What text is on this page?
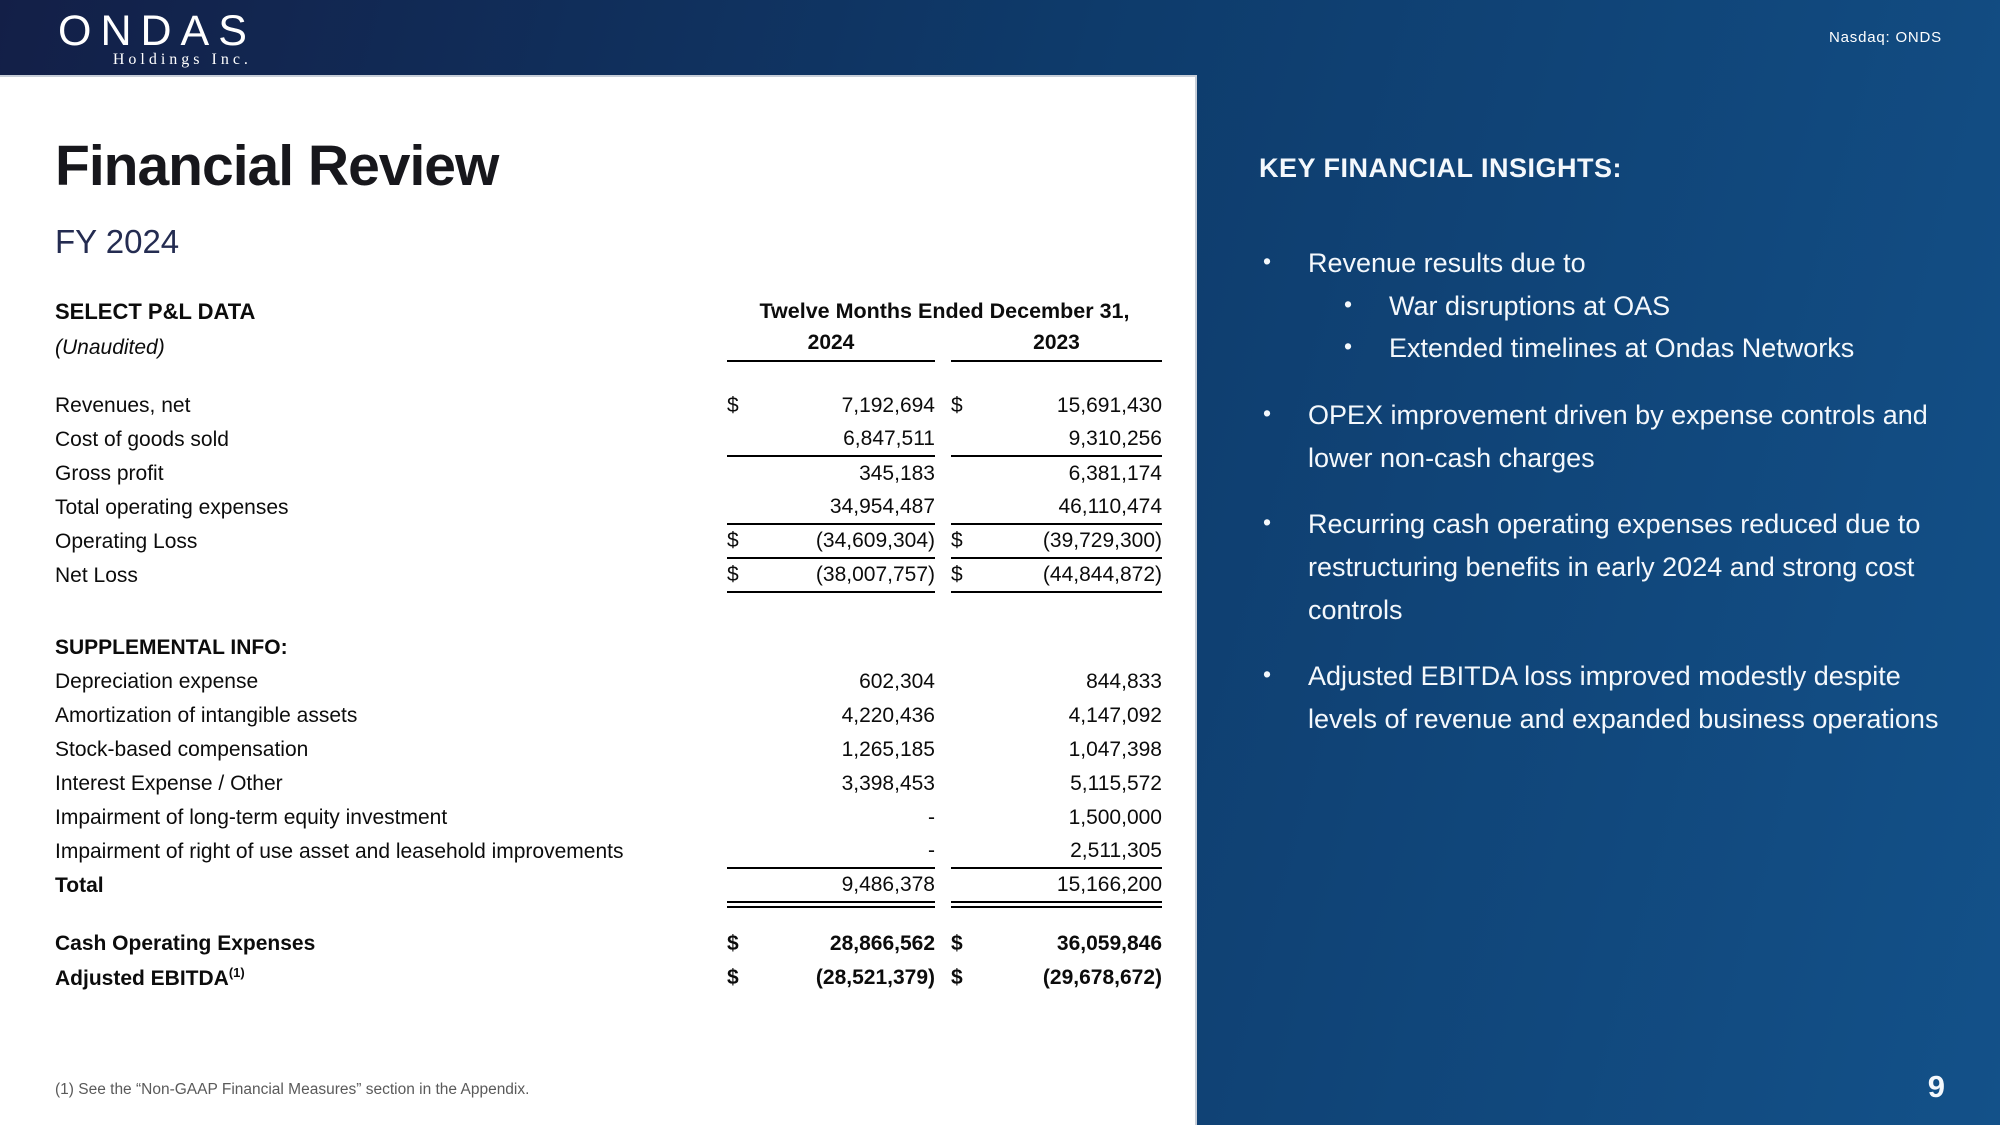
ONDAS
Holdings Inc.
Nasdaq: ONDS
Financial Review
FY 2024
SELECT P&L DATA
(Unaudited)
Twelve Months Ended December 31,
2024	2023
Revenues, net	$	7,192,694 $	15,691,430
Cost of goods sold	6,847,511	9,310,256
Gross profit	345,183	6,381,174
Total operating expenses	34,954,487	46,110,474
Operating Loss	$	(34,609,304) $	(39,729,300)
Net Loss	$	(38,007,757) $	(44,844,872)
SUPPLEMENTAL INFO:
Depreciation expense	602,304	844,833
Amortization of intangible assets	4,220,436	4,147,092
Stock-based compensation	1,265,185	1,047,398
Interest Expense / Other	3,398,453	5,115,572
Impairment of long-term equity investment	-	1,500,000
Impairment of right of use asset and leasehold improvements	-	2,511,305
Total	9,486,378	15,166,200
Cash Operating Expenses	$	28,866,562 $	36,059,846
Adjusted EBITDA$^{(1)}$	$	(28,521,379) $	(29,678,672)
(1) See the “Non-GAAP Financial Measures” section in the Appendix.
KEY FINANCIAL INSIGHTS:
• Revenue results due to
• War disruptions at OAS
• Extended timelines at Ondas Networks
• OPEX improvement driven by expense controls and lower non-cash charges
• Recurring cash operating expenses reduced due to restructuring benefits in early 2024 and strong cost controls
• Adjusted EBITDA loss improved modestly despite levels of revenue and expanded business operations
9
